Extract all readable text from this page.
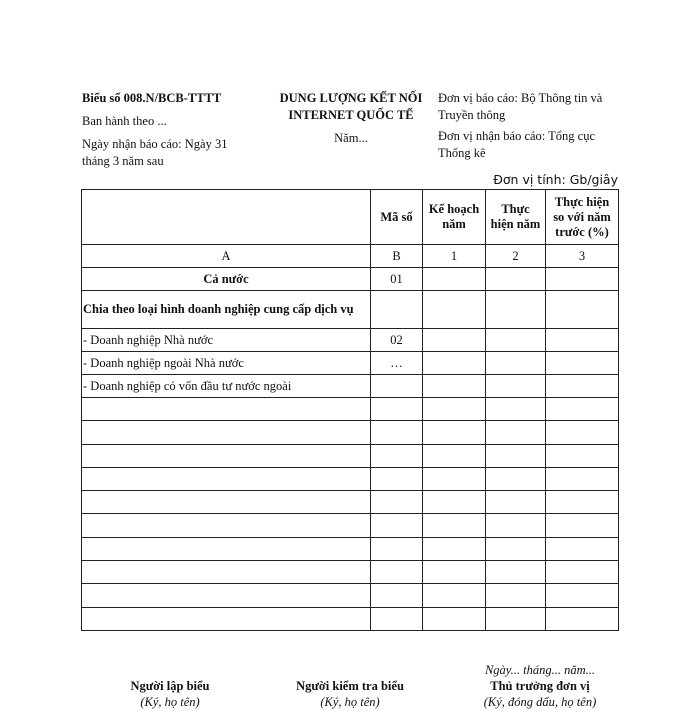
Biểu số 008.N/BCB-TTTT
Ban hành theo ...
Ngày nhận báo cáo: Ngày 31 tháng 3 năm sau
DUNG LƯỢNG KẾT NỐI INTERNET QUỐC TẾ
Năm...
Đơn vị báo cáo: Bộ Thông tin và Truyền thông
Đơn vị nhận báo cáo: Tổng cục Thống kê
Đơn vị tính: Gb/giây
	Mã số	Kế hoạch năm	Thực hiện năm	Thực hiện so với năm trước (%)
A	B	1	2	3
Cả nước	01			
Chia theo loại hình doanh nghiệp cung cấp dịch vụ				
- Doanh nghiệp Nhà nước	02			
- Doanh nghiệp ngoài Nhà nước	…			
- Doanh nghiệp có vốn đầu tư nước ngoài				

Ngày... tháng... năm...
Người lập biểu
(Ký, họ tên)
Người kiểm tra biểu
(Ký, họ tên)
Thủ trưởng đơn vị
(Ký, đóng dấu, họ tên)
